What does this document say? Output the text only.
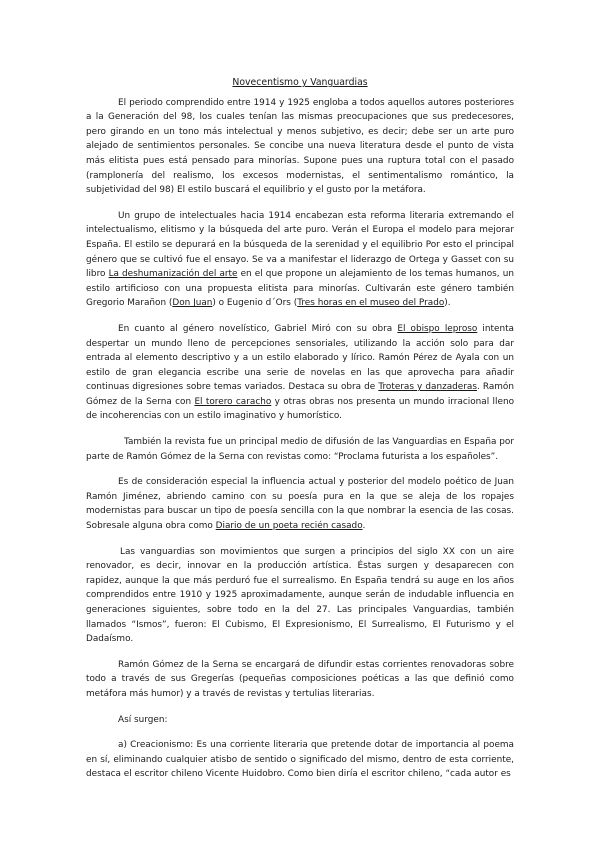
Novecentismo y Vanguardias

El periodo comprendido entre 1914 y 1925 engloba a todos aquellos autores posteriores a la Generación del 98, los cuales tenían las mismas preocupaciones que sus predecesores, pero girando en un tono más intelectual y menos subjetivo, es decir; debe ser un arte puro alejado de sentimientos personales. Se concibe una nueva literatura desde el punto de vista más elitista pues está pensado para minorías. Supone pues una ruptura total con el pasado (ramplonería del realismo, los excesos modernistas, el sentimentalismo romántico, la subjetividad del 98) El estilo buscará el equilibrio y el gusto por la metáfora.

Un grupo de intelectuales hacia 1914 encabezan esta reforma literaria extremando el intelectualismo, elitismo y la búsqueda del arte puro. Verán el Europa el modelo para mejorar España. El estilo se depurará en la búsqueda de la serenidad y el equilibrio Por esto el principal género que se cultivó fue el ensayo. Se va a manifestar el liderazgo de Ortega y Gasset con su libro La deshumanización del arte en el que propone un alejamiento de los temas humanos, un estilo artificioso con una propuesta elitista para minorías. Cultivarán este género también Gregorio Marañon (Don Juan) o Eugenio d´Ors (Tres horas en el museo del Prado).

En cuanto al género novelístico, Gabriel Miró con su obra El obispo leproso intenta despertar un mundo lleno de percepciones sensoriales, utilizando la acción solo para dar entrada al elemento descriptivo y a un estilo elaborado y lírico. Ramón Pérez de Ayala con un estilo de gran elegancia escribe una serie de novelas en las que aprovecha para añadir continuas digresiones sobre temas variados. Destaca su obra de Troteras y danzaderas. Ramón Gómez de la Serna con El torero caracho y otras obras nos presenta un mundo irracional lleno de incoherencias con un estilo imaginativo y humorístico.

También la revista fue un principal medio de difusión de las Vanguardias en España por parte de Ramón Gómez de la Serna con revistas como: “Proclama futurista a los españoles”.

Es de consideración especial la influencia actual y posterior del modelo poético de Juan Ramón Jiménez, abriendo camino con su poesía pura en la que se aleja de los ropajes modernistas para buscar un tipo de poesía sencilla con la que nombrar la esencia de las cosas. Sobresale alguna obra como Diario de un poeta recién casado.

Las vanguardias son movimientos que surgen a principios del siglo XX con un aire renovador, es decir, innovar en la producción artística. Éstas surgen y desaparecen con rapidez, aunque la que más perduró fue el surrealismo. En España tendrá su auge en los años comprendidos entre 1910 y 1925 aproximadamente, aunque serán de indudable influencia en generaciones siguientes, sobre todo en la del 27. Las principales Vanguardias, también llamados “Ismos”, fueron: El Cubismo, El Expresionismo, El Surrealismo, El Futurismo y el Dadaísmo.

Ramón Gómez de la Serna se encargará de difundir estas corrientes renovadoras sobre todo a través de sus Gregerías (pequeñas composiciones poéticas a las que definió como metáfora más humor) y a través de revistas y tertulias literarias.

Así surgen:

a) Creacionismo: Es una corriente literaria que pretende dotar de importancia al poema en sí, eliminando cualquier atisbo de sentido o significado del mismo, dentro de esta corriente, destaca el escritor chileno Vicente Huidobro. Como bien diría el escritor chileno, “cada autor es
